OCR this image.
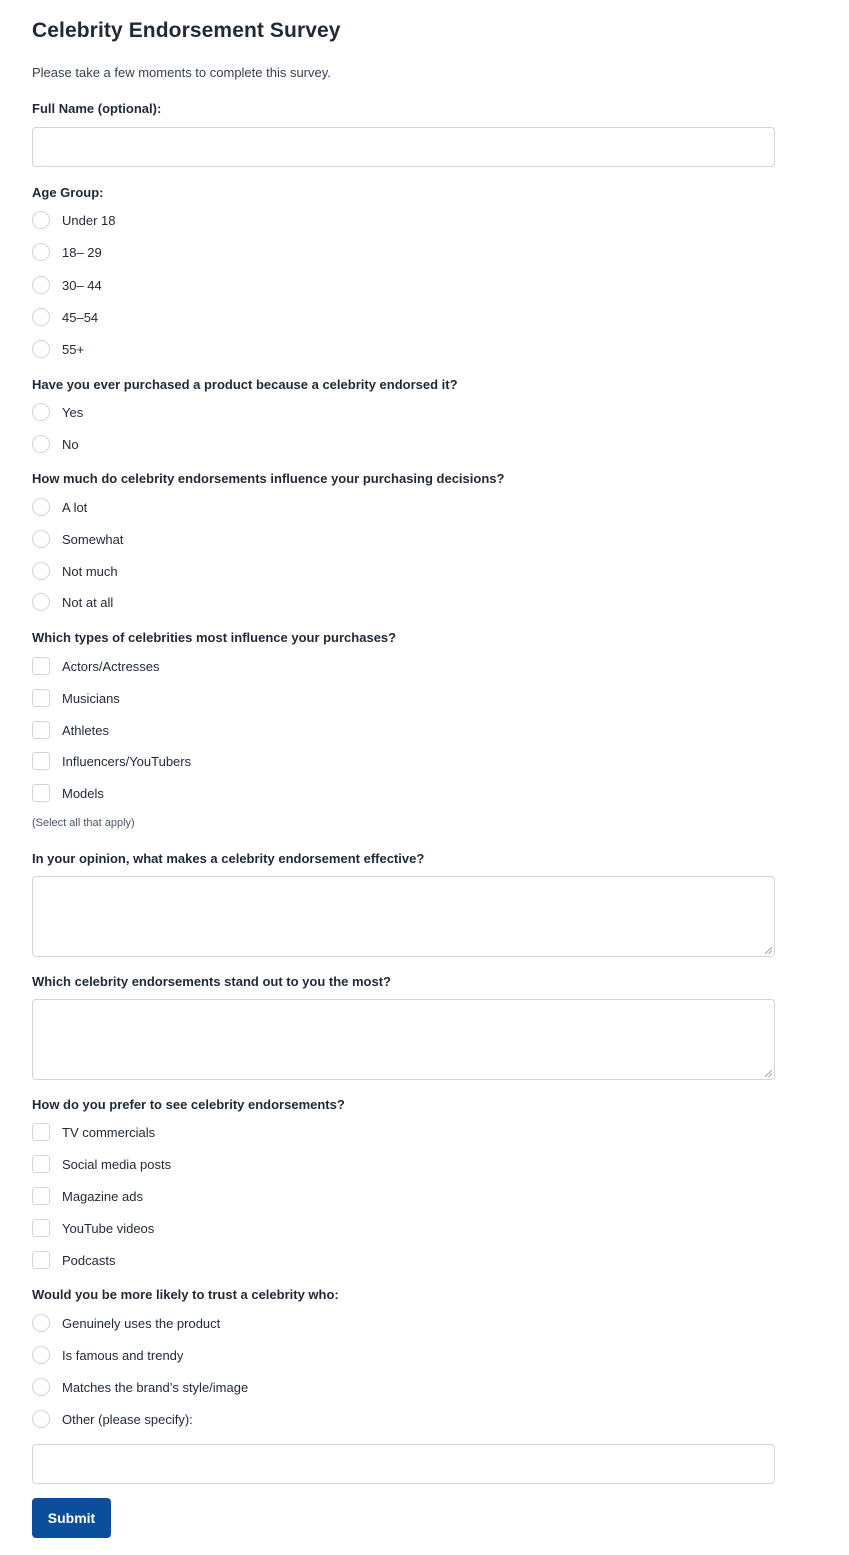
Celebrity Endorsement Survey
Please take a few moments to complete this survey.
Full Name (optional):
Age Group:
Under 18
18– 29
30– 44
45–54
55+
Have you ever purchased a product because a celebrity endorsed it?
Yes
No
How much do celebrity endorsements influence your purchasing decisions?
A lot
Somewhat
Not much
Not at all
Which types of celebrities most influence your purchases?
Actors/Actresses
Musicians
Athletes
Influencers/YouTubers
Models
(Select all that apply)
In your opinion, what makes a celebrity endorsement effective?
Which celebrity endorsements stand out to you the most?
How do you prefer to see celebrity endorsements?
TV commercials
Social media posts
Magazine ads
YouTube videos
Podcasts
Would you be more likely to trust a celebrity who:
Genuinely uses the product
Is famous and trendy
Matches the brand’s style/image
Other (please specify):
Submit
